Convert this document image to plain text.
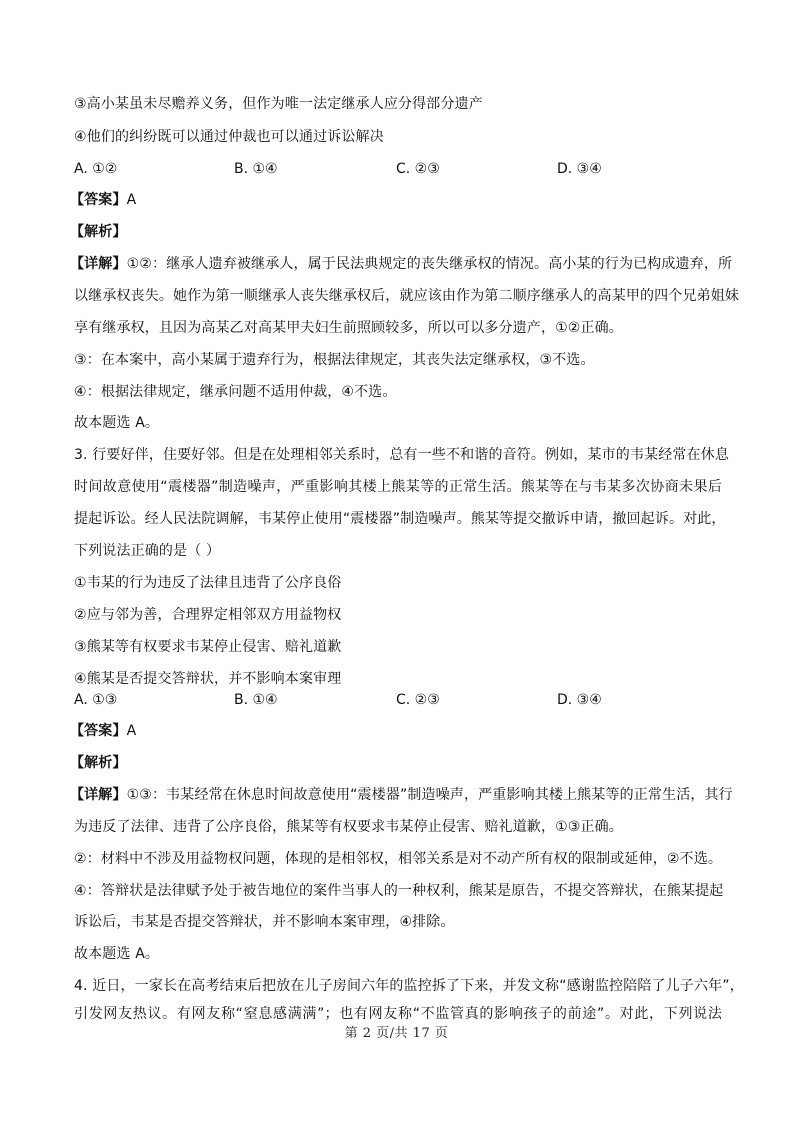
③高小某虽未尽赡养义务，但作为唯一法定继承人应分得部分遗产
④他们的纠纷既可以通过仲裁也可以通过诉讼解决
A. ①②	B. ①④	C. ②③	D. ③④
【答案】A
【解析】
【详解】①②：继承人遗弃被继承人，属于民法典规定的丧失继承权的情况。高小某的行为已构成遗弃，所
以继承权丧失。她作为第一顺继承人丧失继承权后，就应该由作为第二顺序继承人的高某甲的四个兄弟姐妹
享有继承权，且因为高某乙对高某甲夫妇生前照顾较多，所以可以多分遗产，①②正确。
③：在本案中，高小某属于遗弃行为，根据法律规定，其丧失法定继承权，③不选。
④：根据法律规定，继承问题不适用仲裁，④不选。
故本题选 A。
3. 行要好伴，住要好邻。但是在处理相邻关系时，总有一些不和谐的音符。例如，某市的韦某经常在休息
时间故意使用“震楼器”制造噪声，严重影响其楼上熊某等的正常生活。熊某等在与韦某多次协商未果后
提起诉讼。经人民法院调解，韦某停止使用“震楼器”制造噪声。熊某等提交撤诉申请，撤回起诉。对此，
下列说法正确的是（ ）
①韦某的行为违反了法律且违背了公序良俗
②应与邻为善，合理界定相邻双方用益物权
③熊某等有权要求韦某停止侵害、赔礼道歉
④熊某是否提交答辩状，并不影响本案审理
A. ①③	B. ①④	C. ②③	D. ③④
【答案】A
【解析】
【详解】①③：韦某经常在休息时间故意使用“震楼器”制造噪声，严重影响其楼上熊某等的正常生活，其行
为违反了法律、违背了公序良俗，熊某等有权要求韦某停止侵害、赔礼道歉，①③正确。
②：材料中不涉及用益物权问题，体现的是相邻权，相邻关系是对不动产所有权的限制或延伸，②不选。
④：答辩状是法律赋予处于被告地位的案件当事人的一种权利，熊某是原告，不提交答辩状，在熊某提起
诉讼后，韦某是否提交答辩状，并不影响本案审理，④排除。
故本题选 A。
4. 近日，一家长在高考结束后把放在儿子房间六年的监控拆了下来，并发文称“感谢监控陪陪了儿子六年”，
引发网友热议。有网友称“窒息感满满”；也有网友称“不监管真的影响孩子的前途”。对此，下列说法
第 2 页/共 17 页
